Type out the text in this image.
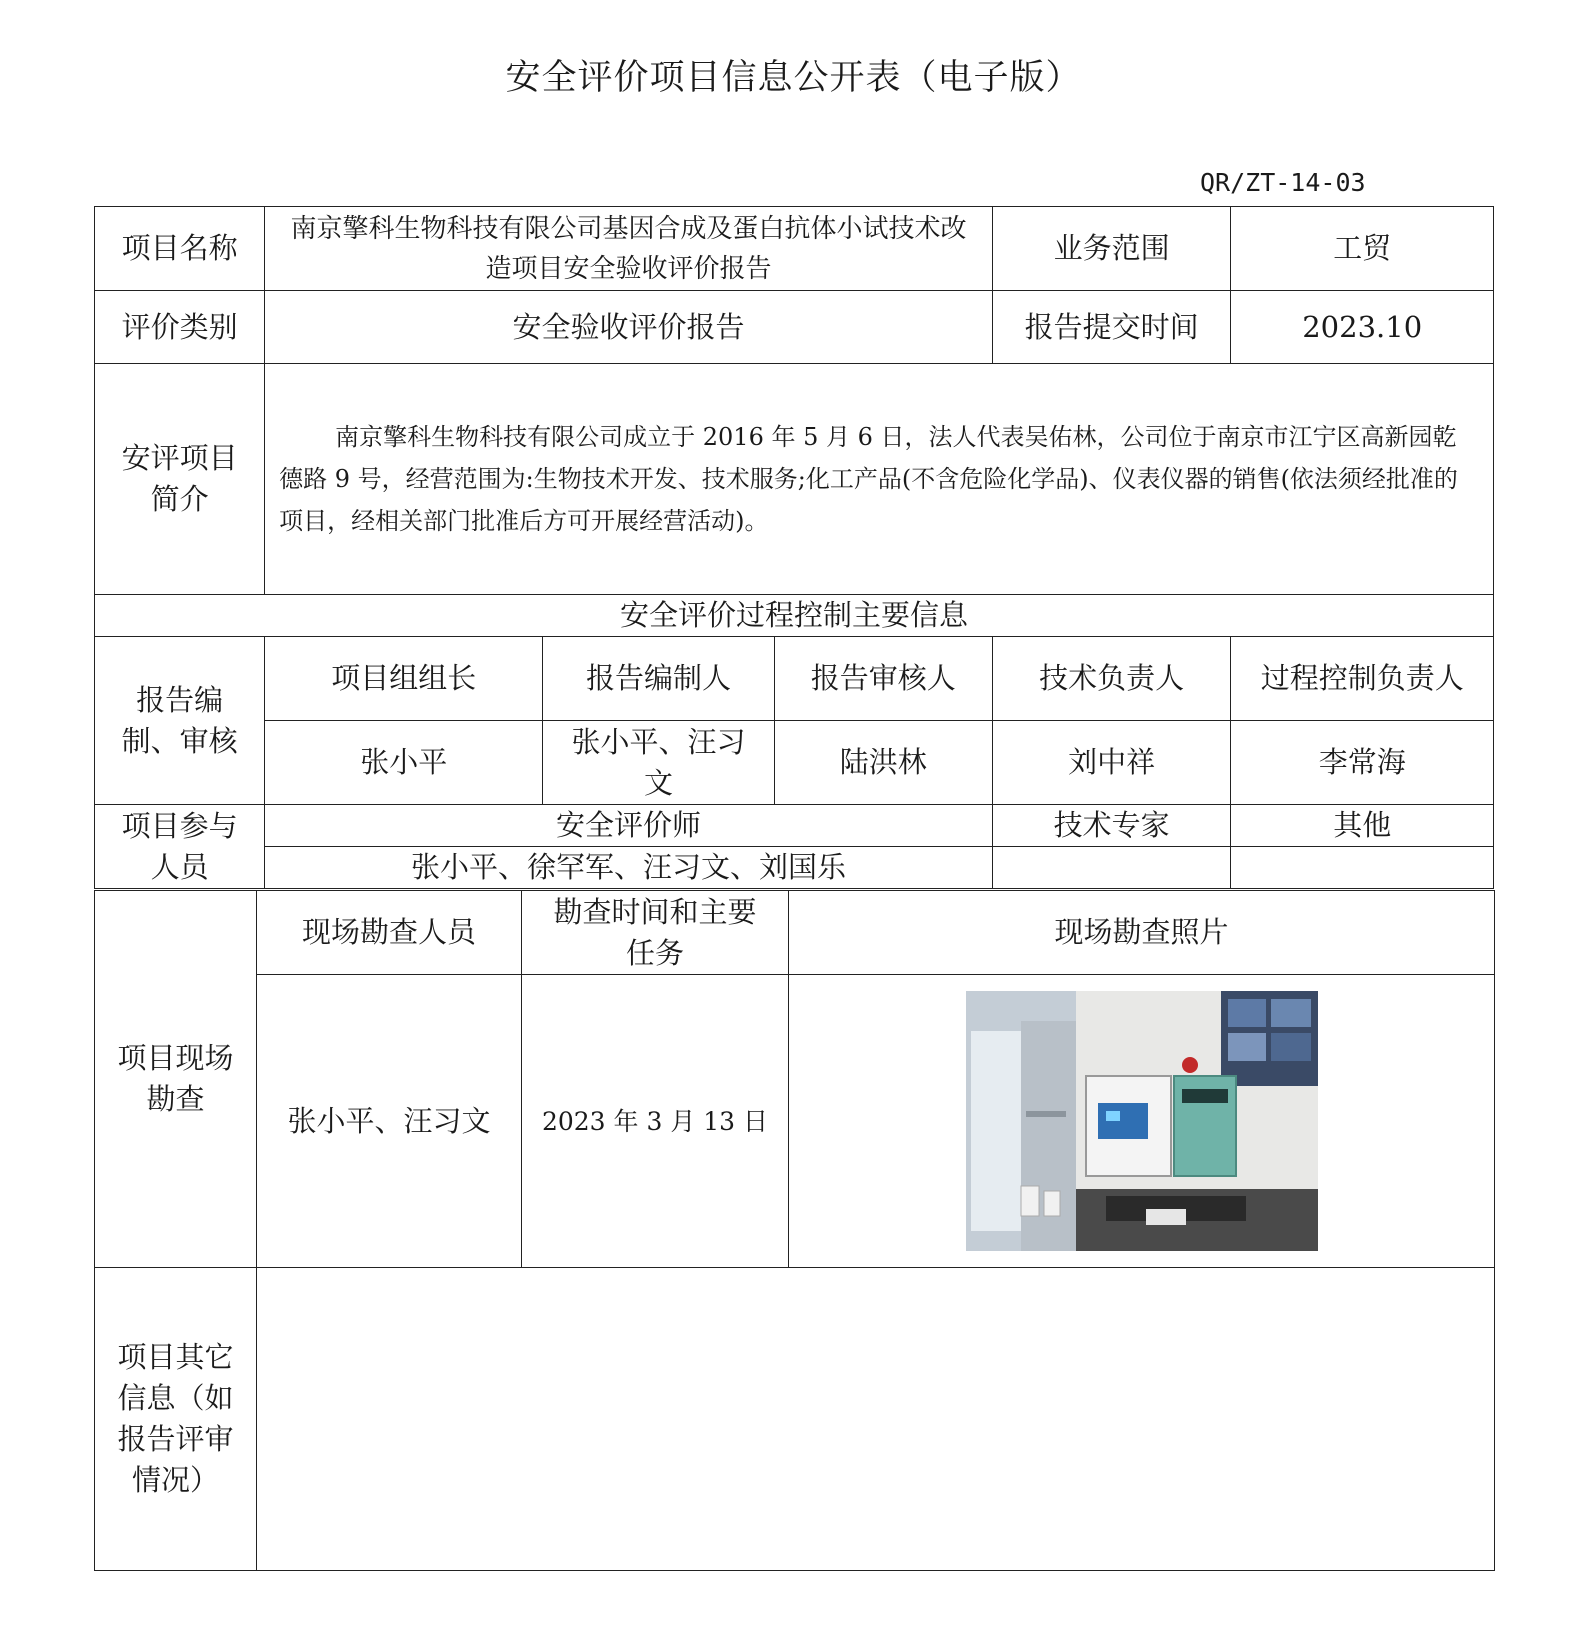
安全评价项目信息公开表（电子版）
QR/ZT-14-03
项目名称	南京擎科生物科技有限公司基因合成及蛋白抗体小试技术改造项目安全验收评价报告			业务范围	工贸
评价类别	安全验收评价报告			报告提交时间	2023.10
安评项目简介	南京擎科生物科技有限公司成立于 2016 年 5 月 6 日，法人代表吴佑林，公司位于南京市江宁区高新园乾德路 9 号，经营范围为:生物技术开发、技术服务;化工产品(不含危险化学品)、仪表仪器的销售(依法须经批准的项目，经相关部门批准后方可开展经营活动)。				

安全评价过程控制主要信息					
报告编制、审核	项目组组长	报告编制人	报告审核人	技术负责人	过程控制负责人
	张小平	张小平、汪习文	陆洪林	刘中祥	李常海
项目参与人员	安全评价师			技术专家	其他
	张小平、徐罕军、汪习文、刘国乐				
项目现场勘查	现场勘查人员	勘查时间和主要任务	现场勘查照片
	张小平、汪习文	2023 年 3 月 13 日	

项目其它信息（如报告评审情况）			
